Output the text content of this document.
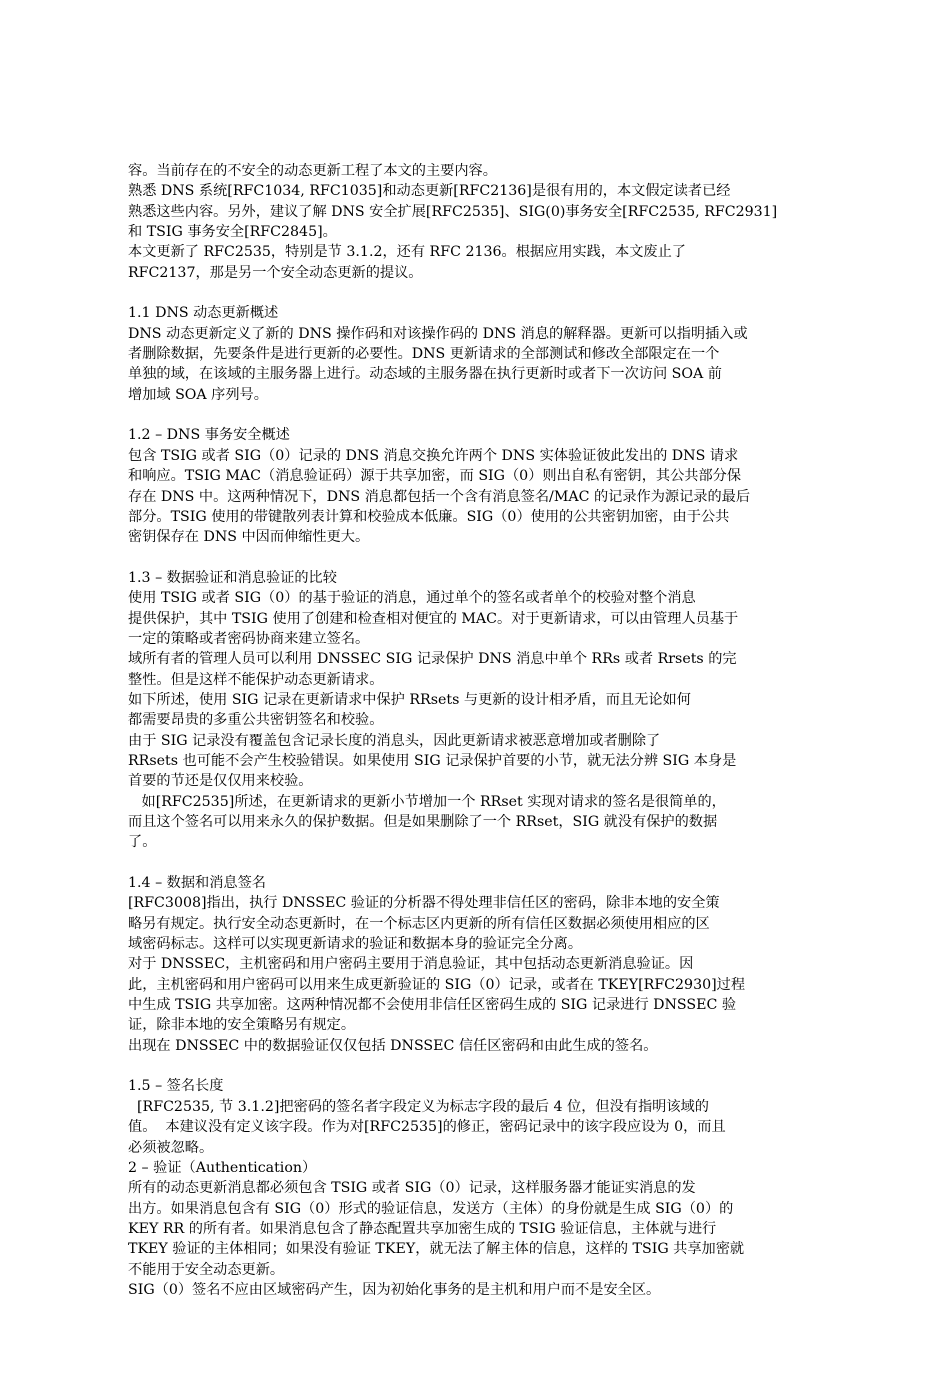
容。当前存在的不安全的动态更新工程了本文的主要内容。
熟悉 DNS 系统[RFC1034, RFC1035]和动态更新[RFC2136]是很有用的，本文假定读者已经
熟悉这些内容。另外，建议了解 DNS 安全扩展[RFC2535]、SIG(0)事务安全[RFC2535, RFC2931]
和 TSIG 事务安全[RFC2845]。
本文更新了 RFC2535，特别是节 3.1.2，还有 RFC 2136。根据应用实践，本文废止了
RFC2137，那是另一个安全动态更新的提议。
1.1 DNS 动态更新概述
DNS 动态更新定义了新的 DNS 操作码和对该操作码的 DNS 消息的解释器。更新可以指明插入或
者删除数据，先要条件是进行更新的必要性。DNS 更新请求的全部测试和修改全部限定在一个
单独的域，在该域的主服务器上进行。动态域的主服务器在执行更新时或者下一次访问 SOA 前
增加域 SOA 序列号。
1.2 – DNS 事务安全概述
包含 TSIG 或者 SIG（0）记录的 DNS 消息交换允许两个 DNS 实体验证彼此发出的 DNS 请求
和响应。TSIG MAC（消息验证码）源于共享加密，而 SIG（0）则出自私有密钥，其公共部分保
存在 DNS 中。这两种情况下，DNS 消息都包括一个含有消息签名/MAC 的记录作为源记录的最后
部分。TSIG 使用的带键散列表计算和校验成本低廉。SIG（0）使用的公共密钥加密，由于公共
密钥保存在 DNS 中因而伸缩性更大。
1.3 – 数据验证和消息验证的比较
使用 TSIG 或者 SIG（0）的基于验证的消息，通过单个的签名或者单个的校验对整个消息
提供保护，其中 TSIG 使用了创建和检查相对便宜的 MAC。对于更新请求，可以由管理人员基于
一定的策略或者密码协商来建立签名。
域所有者的管理人员可以利用 DNSSEC SIG 记录保护 DNS 消息中单个 RRs 或者 Rrsets 的完
整性。但是这样不能保护动态更新请求。
如下所述，使用 SIG 记录在更新请求中保护 RRsets 与更新的设计相矛盾，而且无论如何
都需要昂贵的多重公共密钥签名和校验。
由于 SIG 记录没有覆盖包含记录长度的消息头，因此更新请求被恶意增加或者删除了
RRsets 也可能不会产生校验错误。如果使用 SIG 记录保护首要的小节，就无法分辨 SIG 本身是
首要的节还是仅仅用来校验。
如[RFC2535]所述，在更新请求的更新小节增加一个 RRset 实现对请求的签名是很简单的，
而且这个签名可以用来永久的保护数据。但是如果删除了一个 RRset，SIG 就没有保护的数据
了。
1.4 – 数据和消息签名
[RFC3008]指出，执行 DNSSEC 验证的分析器不得处理非信任区的密码，除非本地的安全策
略另有规定。执行安全动态更新时，在一个标志区内更新的所有信任区数据必须使用相应的区
域密码标志。这样可以实现更新请求的验证和数据本身的验证完全分离。
对于 DNSSEC，主机密码和用户密码主要用于消息验证，其中包括动态更新消息验证。因
此，主机密码和用户密码可以用来生成更新验证的 SIG（0）记录，或者在 TKEY[RFC2930]过程
中生成 TSIG 共享加密。这两种情况都不会使用非信任区密码生成的 SIG 记录进行 DNSSEC 验
证，除非本地的安全策略另有规定。
出现在 DNSSEC 中的数据验证仅仅包括 DNSSEC 信任区密码和由此生成的签名。
1.5 – 签名长度
[RFC2535, 节 3.1.2]把密码的签名者字段定义为标志字段的最后 4 位，但没有指明该域的
值。  本建议没有定义该字段。作为对[RFC2535]的修正，密码记录中的该字段应设为 0，而且
必须被忽略。
2 – 验证（Authentication）
所有的动态更新消息都必须包含 TSIG 或者 SIG（0）记录，这样服务器才能证实消息的发
出方。如果消息包含有 SIG（0）形式的验证信息，发送方（主体）的身份就是生成 SIG（0）的
KEY RR 的所有者。如果消息包含了静态配置共享加密生成的 TSIG 验证信息，主体就与进行
TKEY 验证的主体相同；如果没有验证 TKEY，就无法了解主体的信息，这样的 TSIG 共享加密就
不能用于安全动态更新。
SIG（0）签名不应由区域密码产生，因为初始化事务的是主机和用户而不是安全区。
